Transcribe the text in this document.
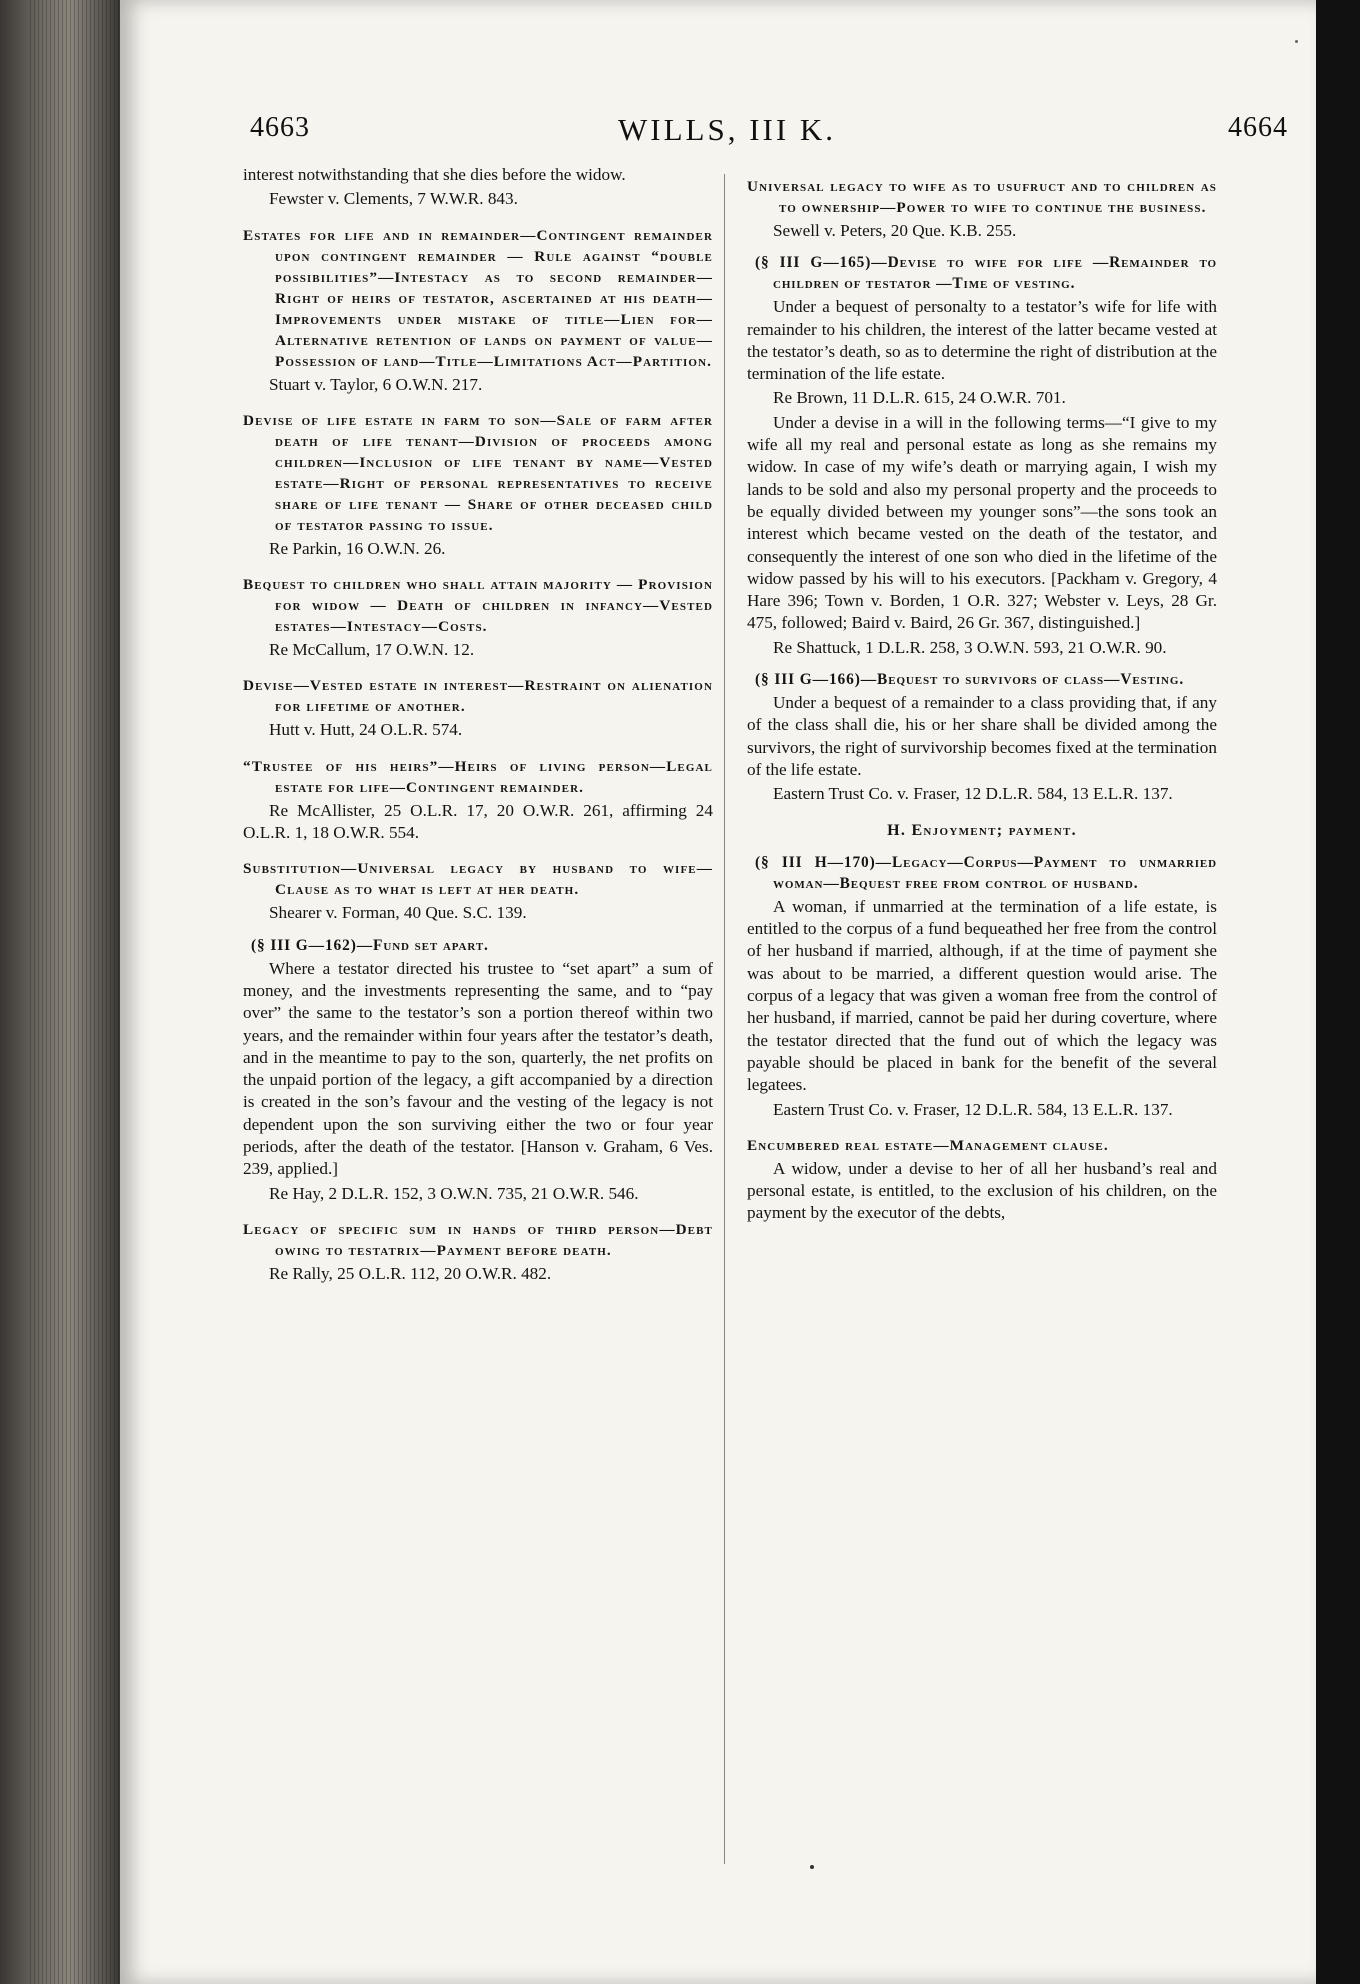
4663	WILLS, III K.	4664

interest notwithstanding that she dies before the widow.

Fewster v. Clements, 7 W.W.R. 843.

Estates for life and in remainder—Contingent remainder upon contingent remainder — Rule against “double possibilities”—Intestacy as to second remainder—Right of heirs of testator, ascertained at his death—Improvements under mistake of title—Lien for—Alternative retention of lands on payment of value—Possession of land—Title—Limitations Act—Partition.

Stuart v. Taylor, 6 O.W.N. 217.

Devise of life estate in farm to son—Sale of farm after death of life tenant—Division of proceeds among children—Inclusion of life tenant by name—Vested estate—Right of personal representatives to receive share of life tenant — Share of other deceased child of testator passing to issue.

Re Parkin, 16 O.W.N. 26.

Bequest to children who shall attain majority — Provision for widow — Death of children in infancy—Vested estates—Intestacy—Costs.

Re McCallum, 17 O.W.N. 12.

Devise—Vested estate in interest—Restraint on alienation for lifetime of another.

Hutt v. Hutt, 24 O.L.R. 574.

“Trustee of his heirs”—Heirs of living person—Legal estate for life—Contingent remainder.

Re McAllister, 25 O.L.R. 17, 20 O.W.R. 261, affirming 24 O.L.R. 1, 18 O.W.R. 554.

Substitution—Universal legacy by husband to wife—Clause as to what is left at her death.

Shearer v. Forman, 40 Que. S.C. 139.

(§ III G—162)—Fund set apart.

Where a testator directed his trustee to “set apart” a sum of money, and the investments representing the same, and to “pay over” the same to the testator’s son a portion thereof within two years, and the remainder within four years after the testator’s death, and in the meantime to pay to the son, quarterly, the net profits on the unpaid portion of the legacy, a gift accompanied by a direction is created in the son’s favour and the vesting of the legacy is not dependent upon the son surviving either the two or four year periods, after the death of the testator. [Hanson v. Graham, 6 Ves. 239, applied.]

Re Hay, 2 D.L.R. 152, 3 O.W.N. 735, 21 O.W.R. 546.

Legacy of specific sum in hands of third person—Debt owing to testatrix—Payment before death.

Re Rally, 25 O.L.R. 112, 20 O.W.R. 482.

Universal legacy to wife as to usufruct and to children as to ownership—Power to wife to continue the business.

Sewell v. Peters, 20 Que. K.B. 255.

(§ III G—165)—Devise to wife for life —Remainder to children of testator —Time of vesting.

Under a bequest of personalty to a testator’s wife for life with remainder to his children, the interest of the latter became vested at the testator’s death, so as to determine the right of distribution at the termination of the life estate.

Re Brown, 11 D.L.R. 615, 24 O.W.R. 701.

Under a devise in a will in the following terms—“I give to my wife all my real and personal estate as long as she remains my widow. In case of my wife’s death or marrying again, I wish my lands to be sold and also my personal property and the proceeds to be equally divided between my younger sons”—the sons took an interest which became vested on the death of the testator, and consequently the interest of one son who died in the lifetime of the widow passed by his will to his executors. [Packham v. Gregory, 4 Hare 396; Town v. Borden, 1 O.R. 327; Webster v. Leys, 28 Gr. 475, followed; Baird v. Baird, 26 Gr. 367, distinguished.]

Re Shattuck, 1 D.L.R. 258, 3 O.W.N. 593, 21 O.W.R. 90.

(§ III G—166)—Bequest to survivors of class—Vesting.

Under a bequest of a remainder to a class providing that, if any of the class shall die, his or her share shall be divided among the survivors, the right of survivorship becomes fixed at the termination of the life estate.

Eastern Trust Co. v. Fraser, 12 D.L.R. 584, 13 E.L.R. 137.

H. Enjoyment; payment.

(§ III H—170)—Legacy—Corpus—Payment to unmarried woman—Bequest free from control of husband.

A woman, if unmarried at the termination of a life estate, is entitled to the corpus of a fund bequeathed her free from the control of her husband if married, although, if at the time of payment she was about to be married, a different question would arise. The corpus of a legacy that was given a woman free from the control of her husband, if married, cannot be paid her during coverture, where the testator directed that the fund out of which the legacy was payable should be placed in bank for the benefit of the several legatees.

Eastern Trust Co. v. Fraser, 12 D.L.R. 584, 13 E.L.R. 137.

Encumbered real estate—Management clause.

A widow, under a devise to her of all her husband’s real and personal estate, is entitled, to the exclusion of his children, on the payment by the executor of the debts,
